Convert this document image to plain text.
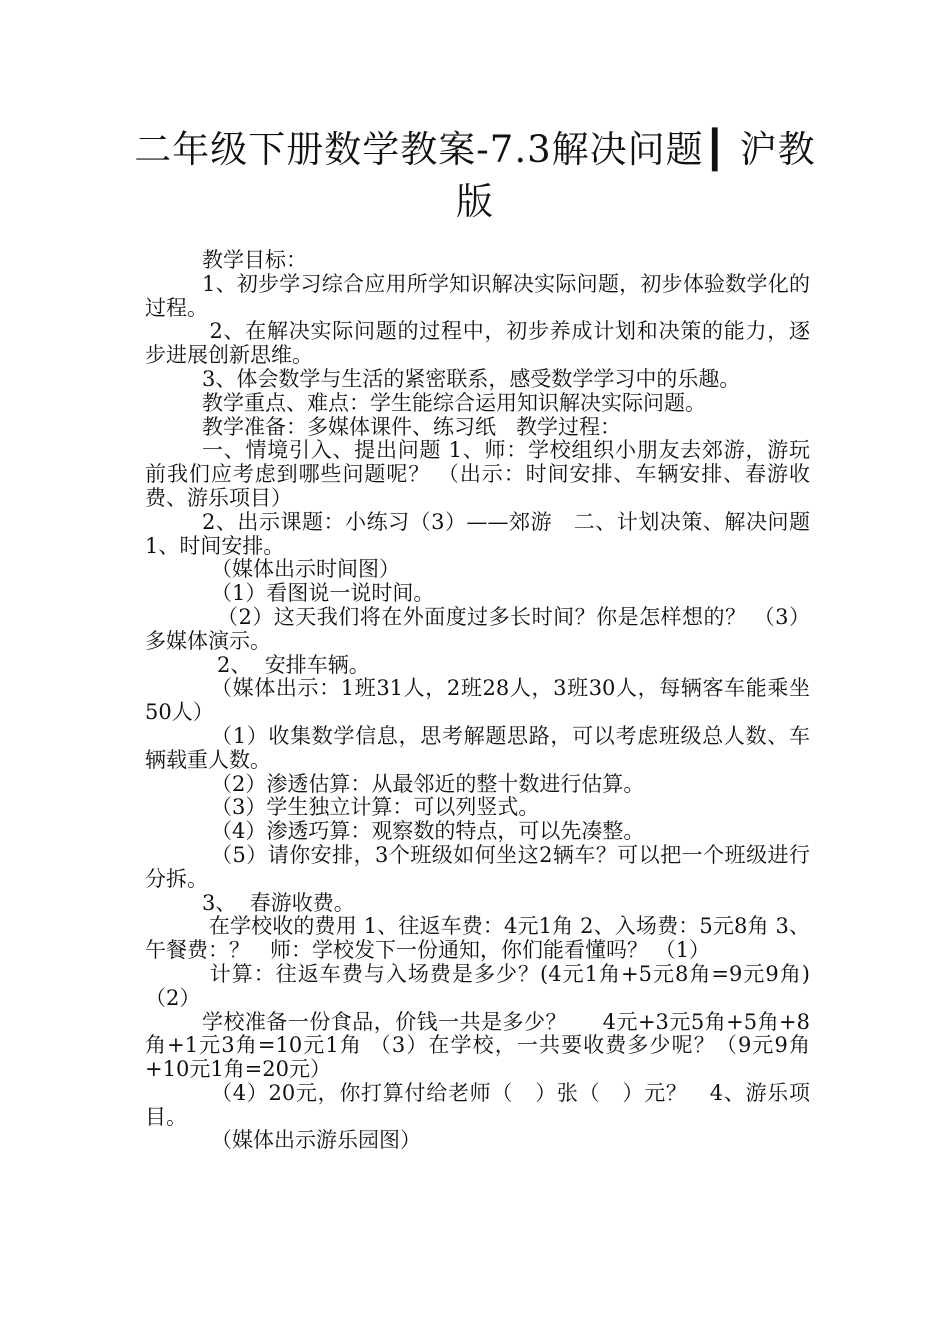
二年级下册数学教案-7.3解决问题┃ 沪教版

教学目标：

1、初步学习综合应用所学知识解决实际问题，初步体验数学化的过程。

2、在解决实际问题的过程中，初步养成计划和决策的能力，逐步进展创新思维。

3、体会数学与生活的紧密联系，感受数学学习中的乐趣。

教学重点、难点：学生能综合运用知识解决实际问题。

教学准备：多媒体课件、练习纸   教学过程：

一、情境引入、提出问题 1、师：学校组织小朋友去郊游，游玩前我们应考虑到哪些问题呢？ （出示：时间安排、车辆安排、春游收费、游乐项目）

2、出示课题：小练习（3）——郊游   二、计划决策、解决问题 1、时间安排。

（媒体出示时间图）

（1）看图说一说时间。

（2）这天我们将在外面度过多长时间？你是怎样想的？ （3）多媒体演示。

2、  安排车辆。

（媒体出示：1班31人，2班28人，3班30人，每辆客车能乘坐50人）

（1）收集数学信息，思考解题思路，可以考虑班级总人数、车辆载重人数。

（2）渗透估算：从最邻近的整十数进行估算。

（3）学生独立计算：可以列竖式。

（4）渗透巧算：观察数的特点，可以先凑整。

（5）请你安排，3个班级如何坐这2辆车？可以把一个班级进行分拆。

3、  春游收费。

在学校收的费用 1、往返车费：4元1角 2、入场费：5元8角 3、午餐费：？   师：学校发下一份通知，你们能看懂吗？ （1）

计算：往返车费与入场费是多少？(4元1角+5元8角=9元9角) （2）

学校准备一份食品，价钱一共是多少？     4元+3元5角+5角+8角+1元3角=10元1角 （3）在学校，一共要收费多少呢？（9元9角+10元1角=20元）

（4）20元，你打算付给老师（   ）张（   ）元？   4、游乐项目。

（媒体出示游乐园图）
